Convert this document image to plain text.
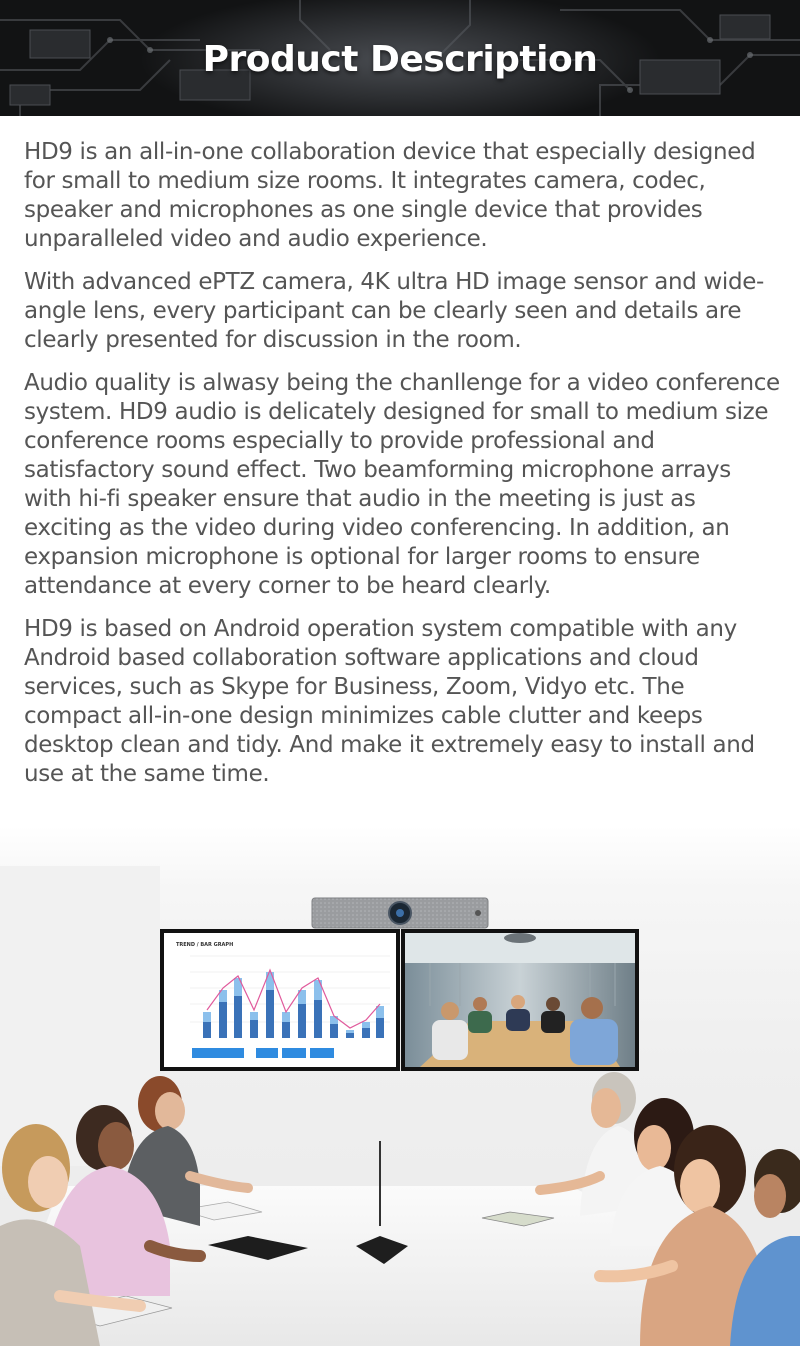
Product Description

HD9 is an all-in-one collaboration device that especially designed for small to medium size rooms. It integrates camera, codec, speaker and microphones as one single device that provides unparalleled video and audio experience.

With advanced ePTZ camera, 4K ultra HD image sensor and wide-angle lens, every participant can be clearly seen and details are clearly presented for discussion in the room.

Audio quality is alwasy being the chanllenge for a video conference system. HD9 audio is delicately designed for small to medium size conference rooms especially to provide professional and satisfactory sound effect. Two beamforming microphone arrays with hi-fi speaker ensure that audio in the meeting is just as exciting as the video during video conferencing. In addition, an expansion microphone is optional for larger rooms to ensure attendance at every corner to be heard clearly.

HD9 is based on Android operation system compatible with any Android based collaboration software applications and cloud services, such as Skype for Business, Zoom, Vidyo etc. The compact all-in-one design minimizes cable clutter and keeps desktop clean and tidy. And make it extremely easy to install and use at the same time.

TREND / BAR GRAPH
